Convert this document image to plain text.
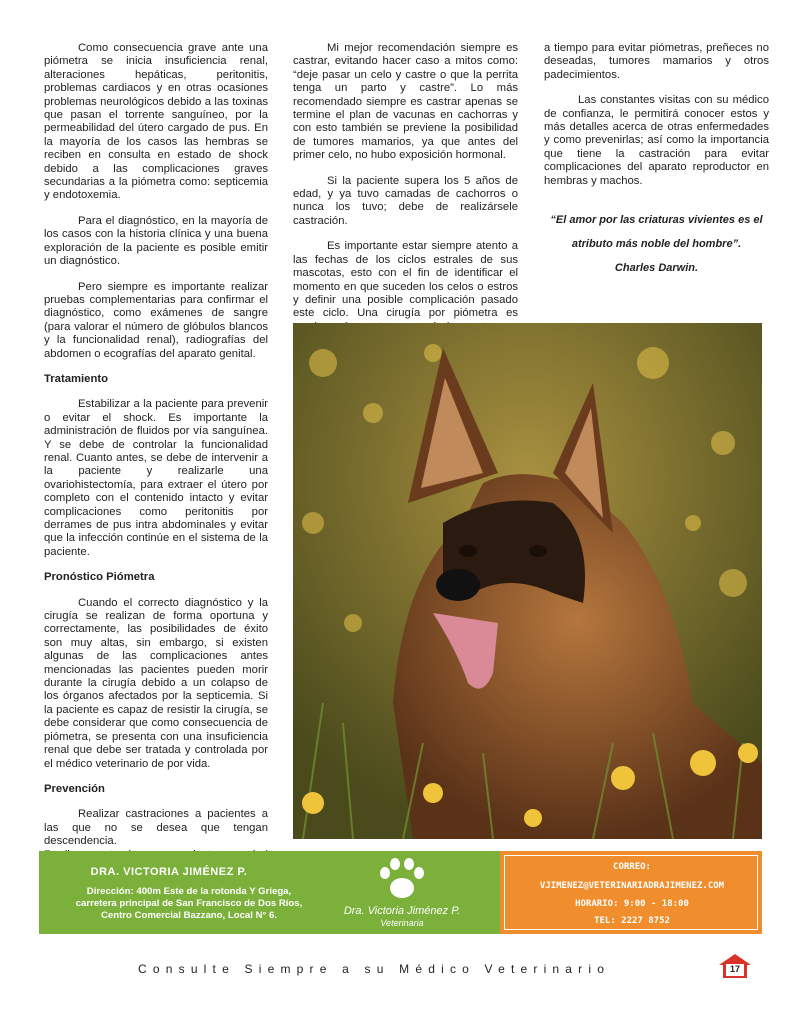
Como consecuencia grave ante una piómetra se inicia insuficiencia renal, alteraciones hepáticas, peritonitis, problemas cardiacos y en otras ocasiones problemas neurológicos debido a las toxinas que pasan el torrente sanguíneo, por la permeabilidad del útero cargado de pus. En la mayoría de los casos las hembras se reciben en consulta en estado de shock debido a las complicaciones graves secundarias a la piómetra como: septicemia y endotoxemia.

Para el diagnóstico, en la mayoría de los casos con la historia clínica y una buena exploración de la paciente es posible emitir un diagnóstico.

Pero siempre es importante realizar pruebas complementarias para confirmar el diagnóstico, como exámenes de sangre (para valorar el número de glóbulos blancos y la funcionalidad renal), radiografías del abdomen o ecografías del aparato genital.

Tratamiento

Estabilizar a la paciente para prevenir o evitar el shock. Es importante la administración de fluidos por vía sanguínea. Y se debe de controlar la funcionalidad renal. Cuanto antes, se debe de intervenir a la paciente y realizarle una ovariohistectomía, para extraer el útero por completo con el contenido intacto y evitar complicaciones como peritonitis por derrames de pus intra abdominales y evitar que la infección continúe en el sistema de la paciente.

Pronóstico Piómetra

Cuando el correcto diagnóstico y la cirugía se realizan de forma oportuna y correctamente, las posibilidades de éxito son muy altas, sin embargo, si existen algunas de las complicaciones antes mencionadas las pacientes pueden morir durante la cirugía debido a un colapso de los órganos afectados por la septicemia. Si la paciente es capaz de resistir la cirugía, se debe considerar que como consecuencia de piómetra, se presenta con una insuficiencia renal que debe ser tratada y controlada por el médico veterinario de por vida.

Prevención
Realizar castraciones a pacientes a las que no se desea que tengan descendencia.

Mi mejor recomendación siempre es castrar, evitando hacer caso a mitos como: “deje pasar un celo y castre o que la perrita tenga un parto y castre”. Lo más recomendado siempre es castrar apenas se termine el plan de vacunas en cachorras y con esto también se previene la posibilidad de tumores mamarios, ya que antes del primer celo, no hubo exposición hormonal.

Si la paciente supera los 5 años de edad, y ya tuvo camadas de cachorros o nunca los tuvo; debe de realizársele castración.

Es importante estar siempre atento a las fechas de los ciclos estrales de sus mascotas, esto con el fin de identificar el momento en que suceden los celos o estros y definir una posible complicación pasado este ciclo. Una cirugía por piómetra es

a tiempo para evitar piómetras, preñeces no deseadas, tumores mamarios y otros padecimientos.

Las constantes visitas con su médico de confianza, le permitirá conocer estos y más detalles acerca de otras enfermedades y como prevenirlas; así como la importancia que tiene la castración para evitar complicaciones del aparato reproductor en hembras y machos.

“El amor por las criaturas vivientes es el atributo más noble del hombre”.
Charles Darwin.
DRA. VICTORIA JIMÉNEZ P.
Dirección: 400m Este de la rotonda Y Griega, carretera principal de San Francisco de Dos Ríos, Centro Comercial Bazzano, Local N° 6.	Dra. Victoria Jiménez P.
Veterinaria
CORREO:
VJIMENEZ@VETERINARIADRAJIMENEZ.COM
HORARIO: 9:00 - 18:00
TEL: 2227 8752
Consulte Siempre a su Médico Veterinario	17
